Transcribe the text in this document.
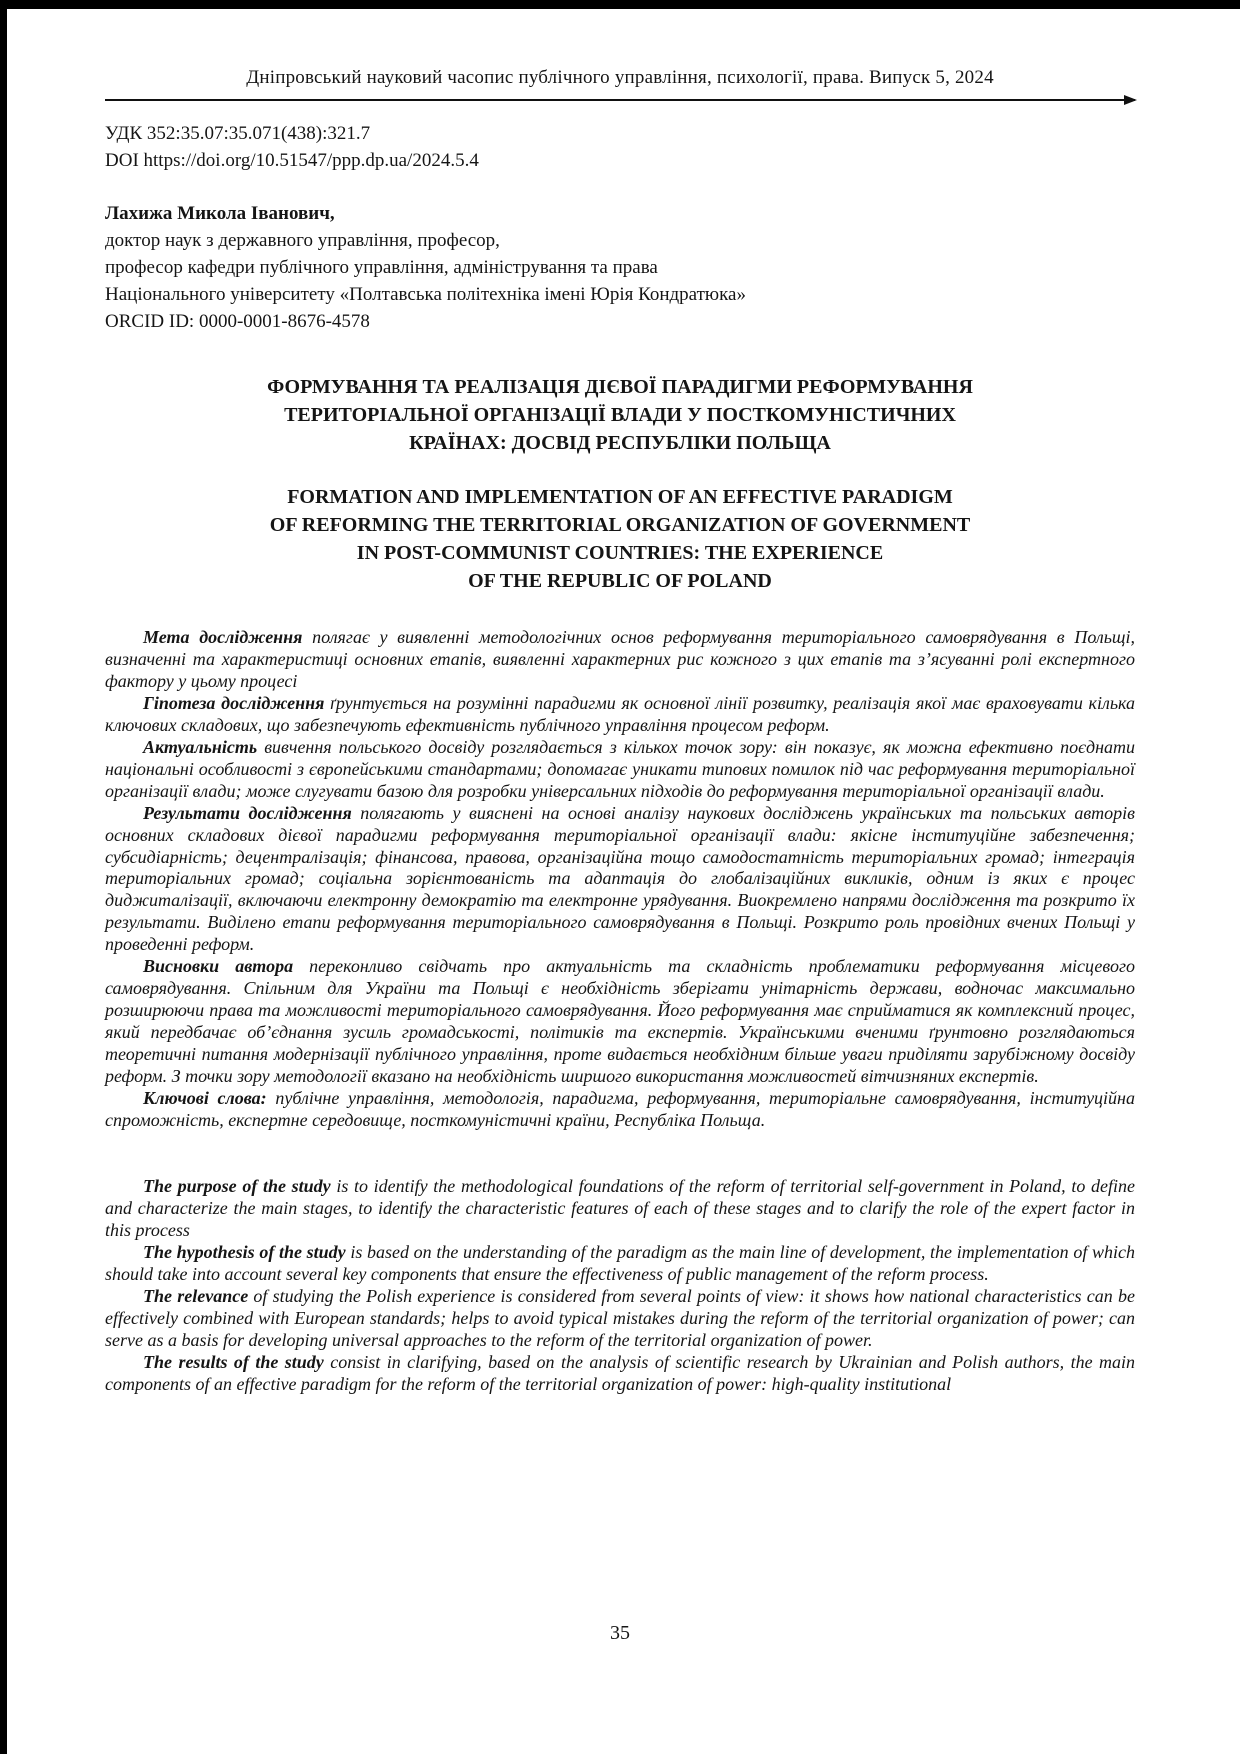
Дніпровський науковий часопис публічного управління, психології, права. Випуск 5, 2024
УДК 352:35.07:35.071(438):321.7
DOI https://doi.org/10.51547/ppp.dp.ua/2024.5.4
Лахижа Микола Іванович,
доктор наук з державного управління, професор,
професор кафедри публічного управління, адміністрування та права
Національного університету «Полтавська політехніка імені Юрія Кондратюка»
ORCID ID: 0000-0001-8676-4578
ФОРМУВАННЯ ТА РЕАЛІЗАЦІЯ ДІЄВОЇ ПАРАДИГМИ РЕФОРМУВАННЯ
ТЕРИТОРІАЛЬНОЇ ОРГАНІЗАЦІЇ ВЛАДИ У ПОСТКОМУНІСТИЧНИХ
КРАЇНАХ: ДОСВІД РЕСПУБЛІКИ ПОЛЬЩА
FORMATION AND IMPLEMENTATION OF AN EFFECTIVE PARADIGM
OF REFORMING THE TERRITORIAL ORGANIZATION OF GOVERNMENT
IN POST-COMMUNIST COUNTRIES: THE EXPERIENCE
OF THE REPUBLIC OF POLAND

Мета дослідження полягає у виявленні методологічних основ реформування територіального самоврядування в Польщі, визначенні та характеристиці основних етапів, виявленні характерних рис кожного з цих етапів та з’ясуванні ролі експертного фактору у цьому процесі

Гіпотеза дослідження ґрунтується на розумінні парадигми як основної лінії розвитку, реалізація якої має враховувати кілька ключових складових, що забезпечують ефективність публічного управління процесом реформ.

Актуальність вивчення польського досвіду розглядається з кількох точок зору: він показує, як можна ефективно поєднати національні особливості з європейськими стандартами; допомагає уникати типових помилок під час реформування територіальної організації влади; може слугувати базою для розробки універсальних підходів до реформування територіальної організації влади.

Результати дослідження полягають у вияснені на основі аналізу наукових досліджень українських та польських авторів основних складових дієвої парадигми реформування територіальної організації влади: якісне інституційне забезпечення; субсидіарність; децентралізація; фінансова, правова, організаційна тощо самодостатність територіальних громад; інтеграція територіальних громад; соціальна зорієнтованість та адаптація до глобалізаційних викликів, одним із яких є процес диджиталізації, включаючи електронну демократію та електронне урядування. Виокремлено напрями дослідження та розкрито їх результати. Виділено етапи реформування територіального самоврядування в Польщі. Розкрито роль провідних вчених Польщі у проведенні реформ.

Висновки автора переконливо свідчать про актуальність та складність проблематики реформування місцевого самоврядування. Спільним для України та Польщі є необхідність зберігати унітарність держави, водночас максимально розширюючи права та можливості територіального самоврядування. Його реформування має сприйматися як комплексний процес, який передбачає об’єднання зусиль громадськості, політиків та експертів. Українськими вченими ґрунтовно розглядаються теоретичні питання модернізації публічного управління, проте видається необхідним більше уваги приділяти зарубіжному досвіду реформ. З точки зору методології вказано на необхідність ширшого використання можливостей вітчизняних експертів.

Ключові слова: публічне управління, методологія, парадигма, реформування, територіальне самоврядування, інституційна спроможність, експертне середовище, посткомуністичні країни, Республіка Польща.

The purpose of the study is to identify the methodological foundations of the reform of territorial self-government in Poland, to define and characterize the main stages, to identify the characteristic features of each of these stages and to clarify the role of the expert factor in this process

The hypothesis of the study is based on the understanding of the paradigm as the main line of development, the implementation of which should take into account several key components that ensure the effectiveness of public management of the reform process.

The relevance of studying the Polish experience is considered from several points of view: it shows how national characteristics can be effectively combined with European standards; helps to avoid typical mistakes during the reform of the territorial organization of power; can serve as a basis for developing universal approaches to the reform of the territorial organization of power.

The results of the study consist in clarifying, based on the analysis of scientific research by Ukrainian and Polish authors, the main components of an effective paradigm for the reform of the territorial organization of power: high-quality institutional

35
